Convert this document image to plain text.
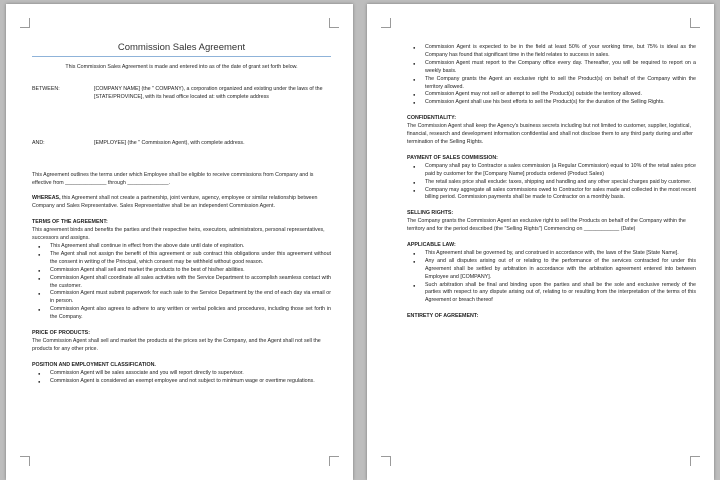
Commission Sales Agreement

This Commission Sales Agreement is made and entered into as of the date of grant set forth below.

BETWEEN:	[COMPANY NAME] (the " COMPANY), a corporation organized and existing under the laws of the [STATE/PROVINCE], with its head office located at: with complete address
AND:	[EMPLOYEE] (the " Commission Agent), with complete address.

This Agreement outlines the terms under which Employee shall be eligible to receive commissions from Company and is effective from ______________ through ______________.

WHEREAS, this Agreement shall not create a partnership, joint venture, agency, employee or similar relationship between Company and Sales Representative. Sales Representative shall be an independent Commission Agent.

TERMS OF THE AGREEMENT:

This agreement binds and benefits the parties and their respective heirs, executors, administrators, personal representatives, successors and assigns.

● This Agreement shall continue in effect from the above date until date of expiration.
● The Agent shall not assign the benefit of this agreement or sub contract this obligations under this agreement without the consent in writing of the Principal, which consent may be withheld without good reason.
● Commission Agent shall sell and market the products to the best of his/her abilities.
● Commission Agent shall coordinate all sales activities with the Service Department to accomplish seamless contact with the customer.
● Commission Agent must submit paperwork for each sale to the Service Department by the end of each day via email or in person.
● Commission Agent also agrees to adhere to any written or verbal policies and procedures, including those set forth in the Company.
PRICE OF PRODUCTS:

The Commission Agent shall sell and market the products at the prices set by the Company, and the Agent shall not sell the products for any other price.

POSITION AND EMPLOYMENT CLASSIFICATION.
● Commission Agent will be sales associate and you will report directly to supervisor.
● Commission Agent is considered an exempt employee and not subject to minimum wage or overtime regulations.
● Commission Agent is expected to be in the field at least 50% of your working time, but 75% is ideal as the Company has found that significant time in the field relates to success in sales.
● Commission Agent must report to the Company office every day. Thereafter, you will be required to report on a weekly basis.
● The Company grants the Agent an exclusive right to sell the Product(s) on behalf of the Company within the territory allowed.
● Commission Agent may not sell or attempt to sell the Product(s) outside the territory allowed.
● Commission Agent shall use his best efforts to sell the Product(s) for the duration of the Selling Rights.
CONFIDENTIALITY:

The Commission Agent shall keep the Agency's business secrets including but not limited to customer, supplier, logistical, financial, research and development information confidential and shall not disclose them to any third party during and after termination of the Selling Rights.

PAYMENT OF SALES COMMISSION:
● Company shall pay to Contractor a sales commission (a Regular Commission) equal to 10% of the retail sales price paid by customer for the [Company Name] products ordered (Product Sales)
● The retail sales price shall exclude: taxes, shipping and handling and any other special charges paid by customer.
● Company may aggregate all sales commissions owed to Contractor for sales made and collected in the most recent billing period. Commission payments shall be made to Contractor on a monthly basis.
SELLING RIGHTS:

The Company grants the Commission Agent an exclusive right to sell the Products on behalf of the Company within the territory and for the period described (the "Selling Rights") Commencing on ____________ (Date)

APPLICABLE LAW:
● This Agreement shall be governed by, and construed in accordance with, the laws of the State [State Name].
● Any and all disputes arising out of or relating to the performance of the services contracted for under this Agreement shall be settled by arbitration in accordance with the arbitration agreement entered into between Employee and [COMPANY].
● Such arbitration shall be final and binding upon the parties and shall be the sole and exclusive remedy of the parties with respect to any dispute arising out of, relating to or resulting from the interpretation of the terms of this Agreement or breach thereof
ENTIRETY OF AGREEMENT:
